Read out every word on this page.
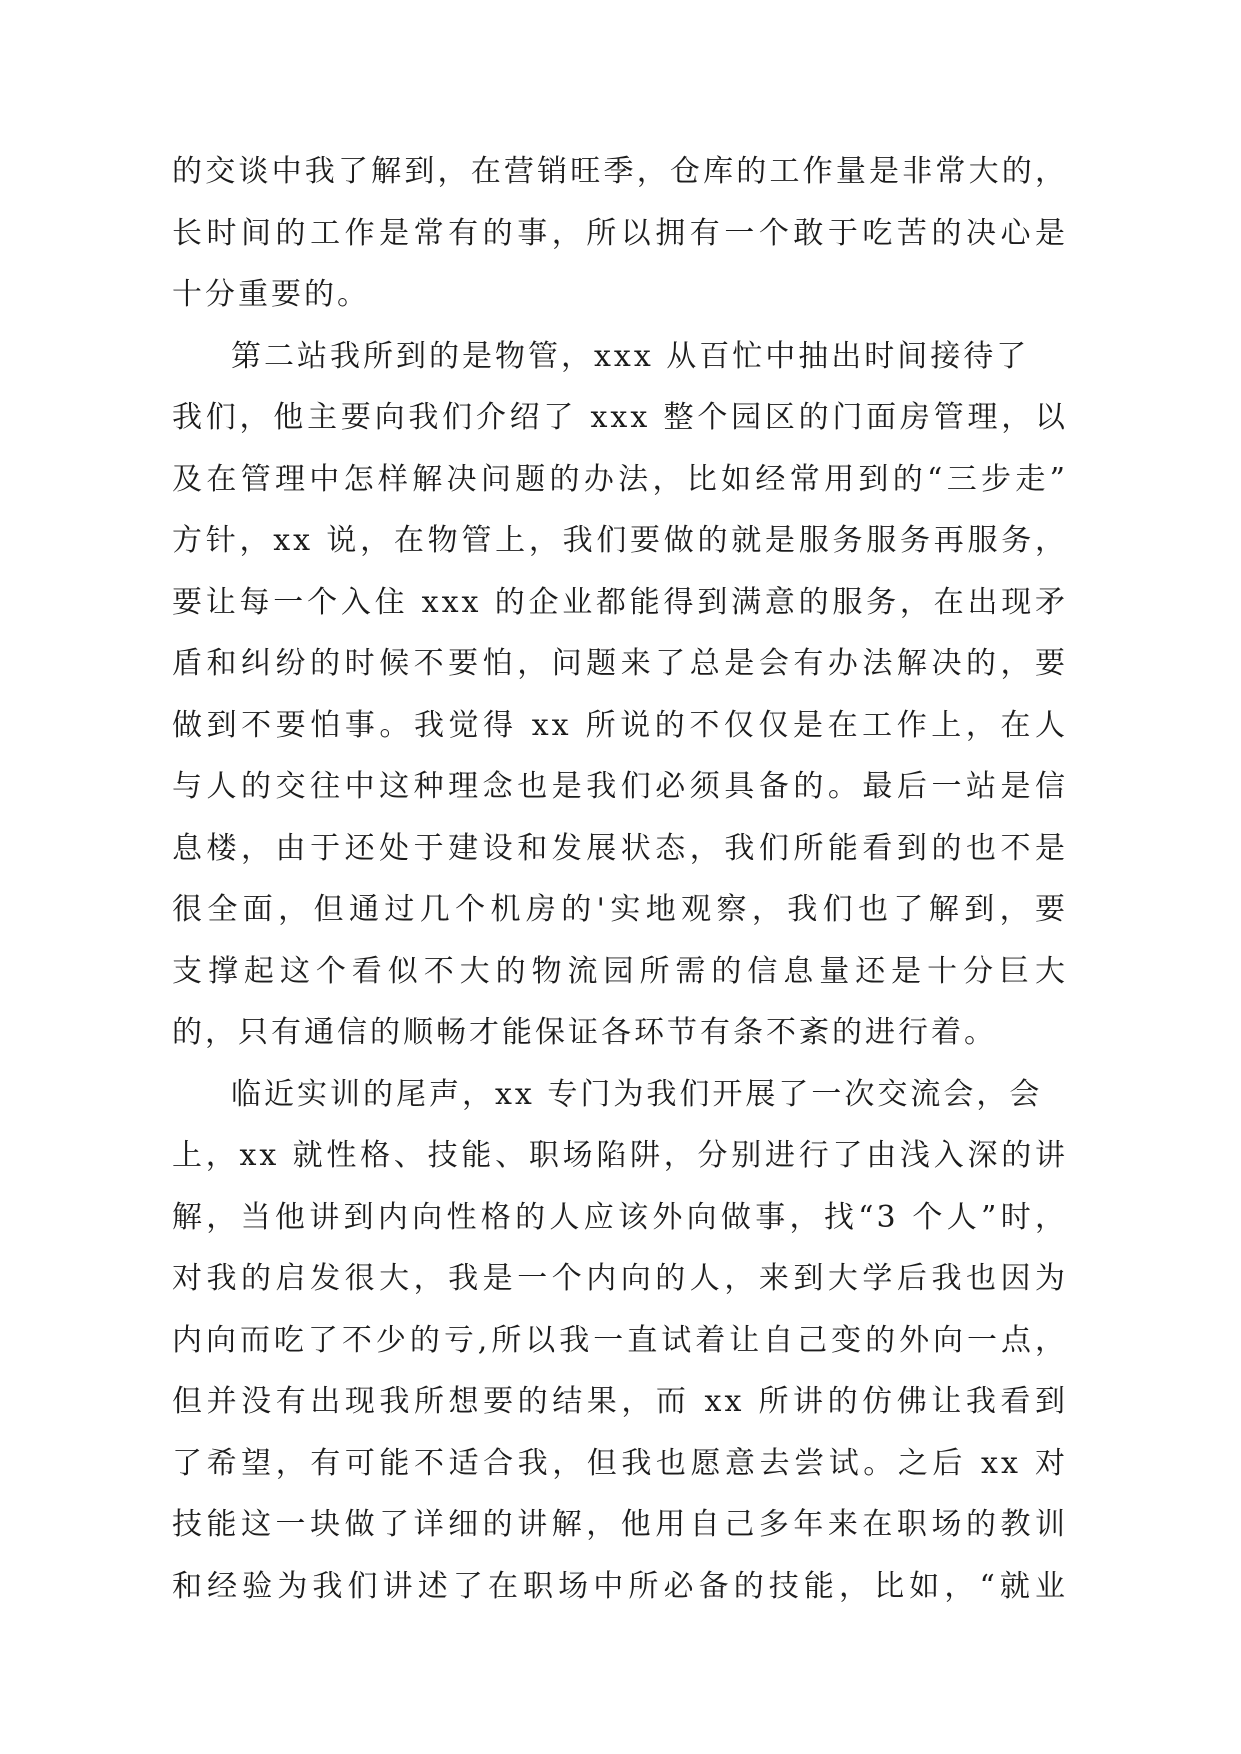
的交谈中我了解到，在营销旺季，仓库的工作量是非常大的，
长时间的工作是常有的事，所以拥有一个敢于吃苦的决心是
十分重要的。
第二站我所到的是物管，xxx 从百忙中抽出时间接待了
我们，他主要向我们介绍了 xxx 整个园区的门面房管理，以
及在管理中怎样解决问题的办法，比如经常用到的“三步走”
方针，xx 说，在物管上，我们要做的就是服务服务再服务，
要让每一个入住 xxx 的企业都能得到满意的服务，在出现矛
盾和纠纷的时候不要怕，问题来了总是会有办法解决的，要
做到不要怕事。我觉得 xx 所说的不仅仅是在工作上，在人
与人的交往中这种理念也是我们必须具备的。最后一站是信
息楼，由于还处于建设和发展状态，我们所能看到的也不是
很全面，但通过几个机房的'实地观察，我们也了解到，要
支撑起这个看似不大的物流园所需的信息量还是十分巨大
的，只有通信的顺畅才能保证各环节有条不紊的进行着。
临近实训的尾声，xx 专门为我们开展了一次交流会，会
上，xx 就性格、技能、职场陷阱，分别进行了由浅入深的讲
解，当他讲到内向性格的人应该外向做事，找“3 个人”时，
对我的启发很大，我是一个内向的人，来到大学后我也因为
内向而吃了不少的亏,所以我一直试着让自己变的外向一点，
但并没有出现我所想要的结果，而 xx 所讲的仿佛让我看到
了希望，有可能不适合我，但我也愿意去尝试。之后 xx 对
技能这一块做了详细的讲解，他用自己多年来在职场的教训
和经验为我们讲述了在职场中所必备的技能，比如，“就业
